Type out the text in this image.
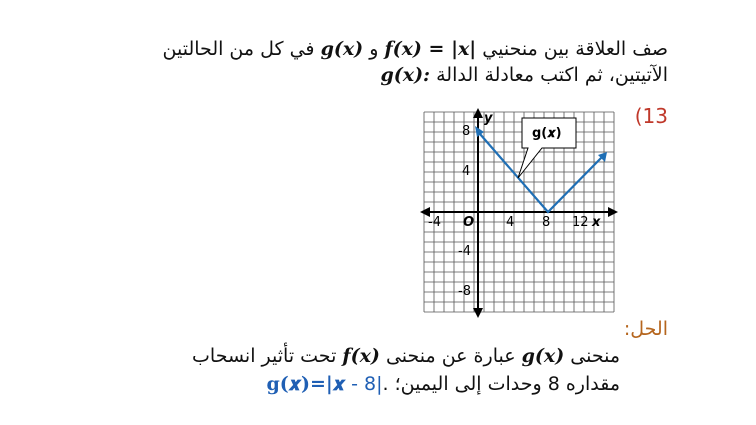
صف العلاقة بين منحنيي 𝒇(𝒙) = |𝒙| و g(𝒙) في كل من الحالتين
الآتيتين، ثم اكتب معادلة الدالة g(𝒙):
(13
y
x
O
-4	4 8 12
8
4
-4
-8
g(𝒙)
الحل:
منحنى g(𝒙) عبارة عن منحنى 𝒇(𝒙) تحت تأثير انسحاب
مقداره 8 وحدات إلى اليمين؛ g(𝒙)=|𝒙 - 8|.
